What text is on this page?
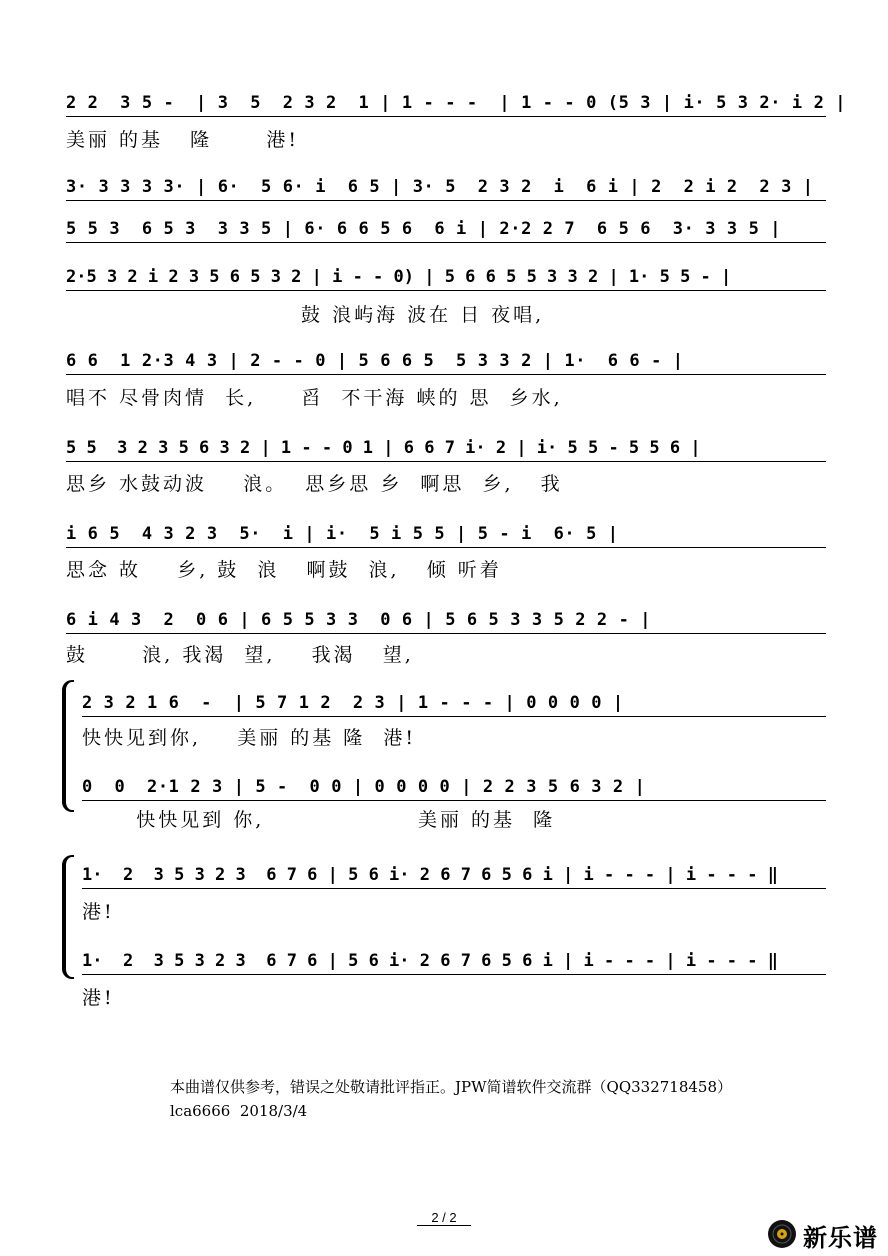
2 2  3 5 -  | 3  5  2 3 2  1 | 1 - - -  | 1 - - 0 (5 3 | i· 5 3 2· i 2 |
美丽 的基   隆      港!
3· 3 3 3 3· | 6·  5 6· i  6 5 | 3· 5  2 3 2  i  6 i | 2  2 i 2  2 3 |
5 5 3  6 5 3  3 3 5 | 6· 6 6 5 6  6 i | 2·2 2 7  6 5 6  3· 3 3 5 |
2·5 3 2 i 2 3 5 6 5 3 2 | i - - 0) | 5 6 6 5 5 3 3 2 | 1· 5 5 - |
鼓 浪屿海 波在 日 夜唱,
6 6  1 2·3 4 3 | 2 - - 0 | 5 6 6 5  5 3 3 2 | 1·  6 6 - |
唱不 尽骨肉情  长,     舀  不干海 峡的 思  乡水,
5 5  3 2 3 5 6 3 2 | 1 - - 0 1 | 6 6 7 i· 2 | i· 5 5 - 5 5 6 |
思乡 水鼓动波    浪。  思乡思 乡  啊思  乡,   我
i 6 5  4 3 2 3  5·  i | i·  5 i 5 5 | 5 - i  6· 5 |
思念 故    乡, 鼓  浪   啊鼓  浪,   倾 听着
6 i 4 3  2  0 6 | 6 5 5 3 3  0 6 | 5 6 5 3 3 5 2 2 - |
鼓      浪, 我渴  望,    我渴   望,
2 3 2 1 6  -  | 5 7 1 2  2 3 | 1 - - - | 0 0 0 0 |
快快见到你,    美丽 的基 隆  港!
0  0  2·1 2 3 | 5 -  0 0 | 0 0 0 0 | 2 2 3 5 6 3 2 |
快快见到 你,                 美丽 的基  隆
1·  2  3 5 3 2 3  6 7 6 | 5 6 i· 2 6 7 6 5 6 i | i - - - | i - - - ‖
港!
1·  2  3 5 3 2 3  6 7 6 | 5 6 i· 2 6 7 6 5 6 i | i - - - | i - - - ‖
港!
本曲谱仅供参考，错误之处敬请批评指正。JPW简谱软件交流群（QQ332718458）
lca6666  2018/3/4
2 / 2
新乐谱
